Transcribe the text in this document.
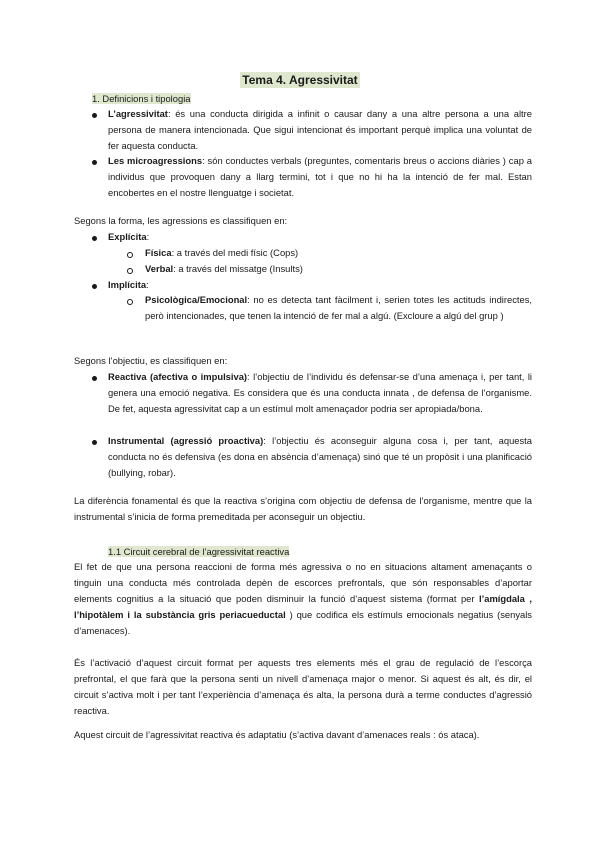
Tema 4. Agressivitat

1. Definicions i tipologia

L’agressivitat: és una conducta dirigida a infinit o causar dany a una altre persona a una altre persona de manera intencionada. Que sigui intencionat és important perquè implica una voluntat de fer aquesta conducta.

Les microagressions: són conductes verbals (preguntes, comentaris breus o accions diàries ) cap a individus que provoquen dany a llarg termini, tot i que no hi ha la intenció de fer mal. Estan encobertes en el nostre llenguatge i societat.

Segons la forma, les agressions es classifiquen en:

Explícita:

Física: a través del medi físic (Cops)

Verbal: a través del missatge (Insults)

Implícita:

Psicològica/Emocional: no es detecta tant fàcilment i, serien totes les actituds indirectes, però intencionades, que tenen la intenció de fer mal a algú. (Excloure a algú del grup )

Segons l’objectiu, es classifiquen en:

Reactiva (afectiva o impulsiva): l’objectiu de l’individu és defensar-se d’una amenaça i, per tant, li genera una emoció negativa. Es considera que és una conducta innata , de defensa de l’organisme. De fet, aquesta agressivitat cap a un estímul molt amenaçador podria ser apropiada/bona.

Instrumental (agressió proactiva): l’objectiu és aconseguir alguna cosa i, per tant, aquesta conducta no és defensiva (es dona en absència d’amenaça) sinó que té un propòsit i una planificació (bullying, robar).

La diferència fonamental és que la reactiva s’origina com objectiu de defensa de l’organisme, mentre que la instrumental s’inicia de forma premeditada per aconseguir un objectiu.

1.1 Circuit cerebral de l’agressivitat reactiva

El fet de que una persona reaccioni de forma més agressiva o no en situacions altament amenaçants o tinguin una conducta més controlada depèn de escorces prefrontals, que són responsables d’aportar elements cognitius a la situació que poden disminuir la funció d’aquest sistema (format per l’amígdala , l’hipotàlem i la substància gris periacueductal ) que codifica els estímuls emocionals negatius (senyals d’amenaces).

És l’activació d’aquest circuit format per aquests tres elements més el grau de regulació de l’escorça prefrontal, el que farà que la persona senti un nivell d’amenaça major o menor. Si aquest és alt, és dir, el circuit s’activa molt i per tant l’experiència d’amenaça és alta, la persona durà a terme conductes d’agressió reactiva.

Aquest circuit de l’agressivitat reactiva és adaptatiu (s’activa davant d’amenaces reals : ós ataca).
